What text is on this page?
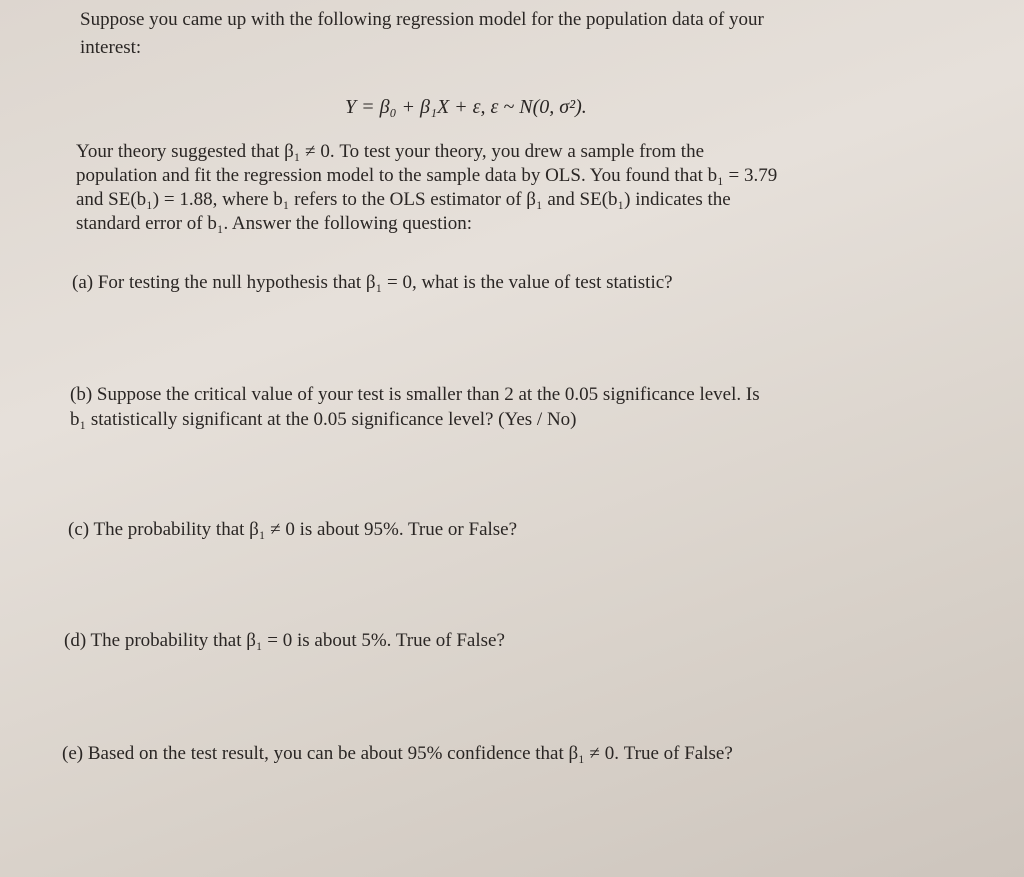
Suppose you came up with the following regression model for the population data of your

interest:

Y = β₀ + β₁X + ε, ε ~ N(0, σ²).

Your theory suggested that β₁ ≠ 0. To test your theory, you drew a sample from the

population and fit the regression model to the sample data by OLS. You found that b₁ = 3.79

and SE(b₁) = 1.88, where b₁ refers to the OLS estimator of β₁ and SE(b₁) indicates the

standard error of b₁. Answer the following question:

(a) For testing the null hypothesis that β₁ = 0, what is the value of test statistic?

(b) Suppose the critical value of your test is smaller than 2 at the 0.05 significance level. Is

b₁ statistically significant at the 0.05 significance level? (Yes / No)

(c) The probability that β₁ ≠ 0 is about 95%. True or False?

(d) The probability that β₁ = 0 is about 5%. True of False?

(e) Based on the test result, you can be about 95% confidence that β₁ ≠ 0. True of False?
